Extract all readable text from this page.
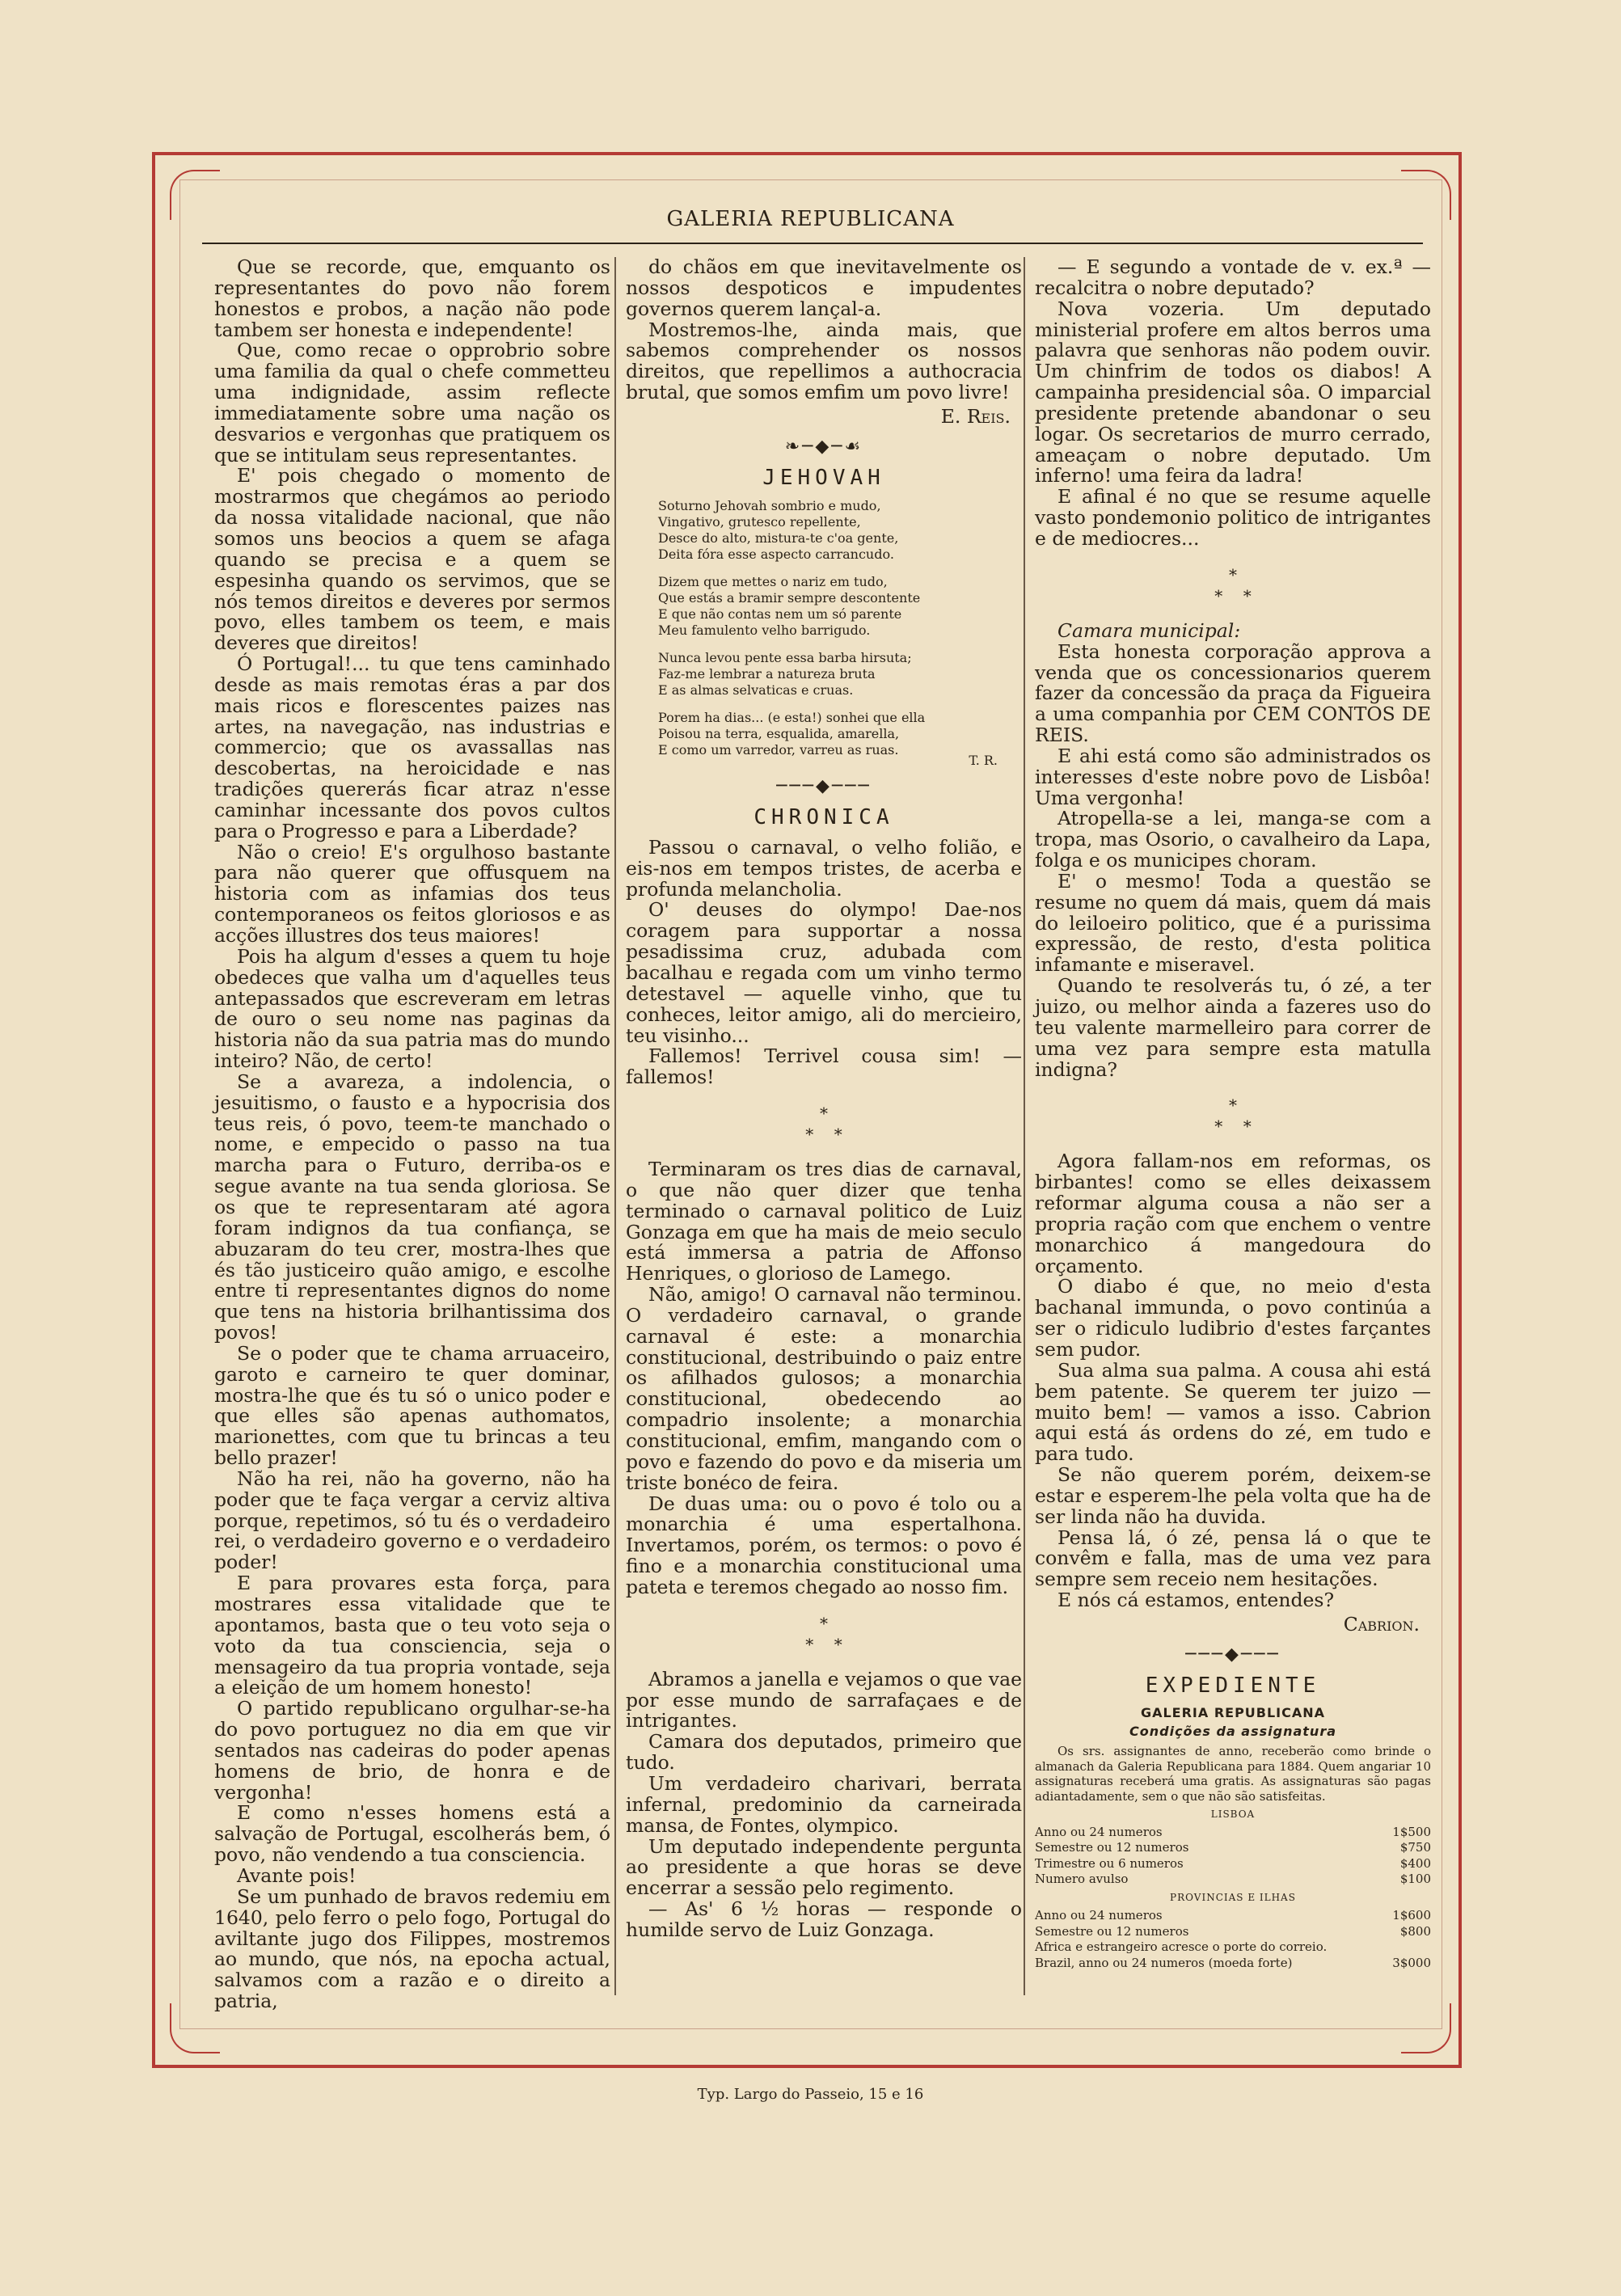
GALERIA REPUBLICANA

Que se recorde, que, emquanto os representantes do povo não forem honestos e probos, a nação não pode tambem ser honesta e independente!

Que, como recae o opprobrio sobre uma familia da qual o chefe commetteu uma indignidade, assim reflecte immediatamente sobre uma nação os desvarios e vergonhas que pratiquem os que se intitulam seus representantes.

E' pois chegado o momento de mostrarmos que chegámos ao periodo da nossa vitalidade nacional, que não somos uns beocios a quem se afaga quando se precisa e a quem se espesinha quando os servimos, que se nós temos direitos e deveres por sermos povo, elles tambem os teem, e mais deveres que direitos!

Ó Portugal!... tu que tens caminhado desde as mais remotas éras a par dos mais ricos e florescentes paizes nas artes, na navegação, nas industrias e commercio; que os avassallas nas descobertas, na heroicidade e nas tradições quererás ficar atraz n'esse caminhar incessante dos povos cultos para o Progresso e para a Liberdade?

Não o creio! E's orgulhoso bastante para não querer que offusquem na historia com as infamias dos teus contemporaneos os feitos gloriosos e as acções illustres dos teus maiores!

Pois ha algum d'esses a quem tu hoje obedeces que valha um d'aquelles teus antepassados que escreveram em letras de ouro o seu nome nas paginas da historia não da sua patria mas do mundo inteiro? Não, de certo!

Se a avareza, a indolencia, o jesuitismo, o fausto e a hypocrisia dos teus reis, ó povo, teem-te manchado o nome, e empecido o passo na tua marcha para o Futuro, derriba-os e segue avante na tua senda gloriosa. Se os que te representaram até agora foram indignos da tua confiança, se abuzaram do teu crer, mostra-lhes que és tão justiceiro quão amigo, e escolhe entre ti representantes dignos do nome que tens na historia brilhantissima dos povos!

Se o poder que te chama arruaceiro, garoto e carneiro te quer dominar, mostra-lhe que és tu só o unico poder e que elles são apenas authomatos, marionettes, com que tu brincas a teu bello prazer!

Não ha rei, não ha governo, não ha poder que te faça vergar a cerviz altiva porque, repetimos, só tu és o verdadeiro rei, o verdadeiro governo e o verdadeiro poder!

E para provares esta força, para mostrares essa vitalidade que te apontamos, basta que o teu voto seja o voto da tua consciencia, seja o mensageiro da tua propria vontade, seja a eleição de um homem honesto!

O partido republicano orgulhar-se-ha do povo portuguez no dia em que vir sentados nas cadeiras do poder apenas homens de brio, de honra e de vergonha!

E como n'esses homens está a salvação de Portugal, escolherás bem, ó povo, não vendendo a tua consciencia.

Avante pois!

Se um punhado de bravos redemiu em 1640, pelo ferro o pelo fogo, Portugal do aviltante jugo dos Filippes, mostremos ao mundo, que nós, na epocha actual, salvamos com a razão e o direito a patria,

do chãos em que inevitavelmente os nossos despoticos e impudentes governos querem lançal-a.

Mostremos-lhe, ainda mais, que sabemos comprehender os nossos direitos, que repellimos a authocracia brutal, que somos emfim um povo livre!

E. Reis.
❧─◆─☙
JEHOVAH
Soturno Jehovah sombrio e mudo,
Vingativo, grutesco repellente,
Desce do alto, mistura-te c'oa gente,
Deita fóra esse aspecto carrancudo.
Dizem que mettes o nariz em tudo,
Que estás a bramir sempre descontente
E que não contas nem um só parente
Meu famulento velho barrigudo.
Nunca levou pente essa barba hirsuta;
Faz-me lembrar a natureza bruta
E as almas selvaticas e cruas.
Porem ha dias... (e esta!) sonhei que ella
Poisou na terra, esqualida, amarella,
E como um varredor, varreu as ruas.
T. R.
───◆───
CHRONICA

Passou o carnaval, o velho folião, e eis-nos em tempos tristes, de acerba e profunda melancholia.

O' deuses do olympo! Dae-nos coragem para supportar a nossa pesadissima cruz, adubada com bacalhau e regada com um vinho termo detestavel — aquelle vinho, que tu conheces, leitor amigo, ali do mercieiro, teu visinho...

Fallemos! Terrivel cousa sim! — fallemos!

*
*    *

Terminaram os tres dias de carnaval, o que não quer dizer que tenha terminado o carnaval politico de Luiz Gonzaga em que ha mais de meio seculo está immersa a patria de Affonso Henriques, o glorioso de Lamego.

Não, amigo! O carnaval não terminou. O verdadeiro carnaval, o grande carnaval é este: a monarchia constitucional, destribuindo o paiz entre os afilhados gulosos; a monarchia constitucional, obedecendo ao compadrio insolente; a monarchia constitucional, emfim, mangando com o povo e fazendo do povo e da miseria um triste bonéco de feira.

De duas uma: ou o povo é tolo ou a monarchia é uma espertalhona. Invertamos, porém, os termos: o povo é fino e a monarchia constitucional uma pateta e teremos chegado ao nosso fim.

*
*    *

Abramos a janella e vejamos o que vae por esse mundo de sarrafaçaes e de intrigantes.

Camara dos deputados, primeiro que tudo.

Um verdadeiro charivari, berrata infernal, predominio da carneirada mansa, de Fontes, olympico.

Um deputado independente pergunta ao presidente a que horas se deve encerrar a sessão pelo regimento.

— As' 6 ½ horas — responde o humilde servo de Luiz Gonzaga.

— E segundo a vontade de v. ex.ª — recalcitra o nobre deputado?

Nova vozeria. Um deputado ministerial profere em altos berros uma palavra que senhoras não podem ouvir. Um chinfrim de todos os diabos! A campainha presidencial sôa. O imparcial presidente pretende abandonar o seu logar. Os secretarios de murro cerrado, ameaçam o nobre deputado. Um inferno! uma feira da ladra!

E afinal é no que se resume aquelle vasto pondemonio politico de intrigantes e de mediocres...

*
*    *

Camara municipal:

Esta honesta corporação approva a venda que os concessionarios querem fazer da concessão da praça da Figueira a uma companhia por CEM CONTOS DE REIS.

E ahi está como são administrados os interesses d'este nobre povo de Lisbôa! Uma vergonha!

Atropella-se a lei, manga-se com a tropa, mas Osorio, o cavalheiro da Lapa, folga e os municipes choram.

E' o mesmo! Toda a questão se resume no quem dá mais, quem dá mais do leiloeiro politico, que é a purissima expressão, de resto, d'esta politica infamante e miseravel.

Quando te resolverás tu, ó zé, a ter juizo, ou melhor ainda a fazeres uso do teu valente marmelleiro para correr de uma vez para sempre esta matulla indigna?

*
*    *

Agora fallam-nos em reformas, os birbantes! como se elles deixassem reformar alguma cousa a não ser a propria ração com que enchem o ventre monarchico á mangedoura do orçamento.

O diabo é que, no meio d'esta bachanal immunda, o povo continúa a ser o ridiculo ludibrio d'estes farçantes sem pudor.

Sua alma sua palma. A cousa ahi está bem patente. Se querem ter juizo — muito bem! — vamos a isso. Cabrion aqui está ás ordens do zé, em tudo e para tudo.

Se não querem porém, deixem-se estar e esperem-lhe pela volta que ha de ser linda não ha duvida.

Pensa lá, ó zé, pensa lá o que te convêm e falla, mas de uma vez para sempre sem receio nem hesitações.

E nós cá estamos, entendes?

Cabrion.
───◆───
EXPEDIENTE
GALERIA REPUBLICANA
Condições da assignatura

Os srs. assignantes de anno, receberão como brinde o almanach da Galeria Republicana para 1884. Quem angariar 10 assignaturas receberá uma gratis. As assignaturas são pagas adiantadamente, sem o que não são satisfeitas.

LISBOA
Anno ou 24 numeros	1$500
Semestre ou 12 numeros	$750
Trimestre ou 6 numeros	$400
Numero avulso	$100
PROVINCIAS E ILHAS
Anno ou 24 numeros	1$600
Semestre ou 12 numeros	$800
Africa e estrangeiro acresce o porte do correio.
Brazil, anno ou 24 numeros (moeda forte)	3$000
Typ. Largo do Passeio, 15 e 16
